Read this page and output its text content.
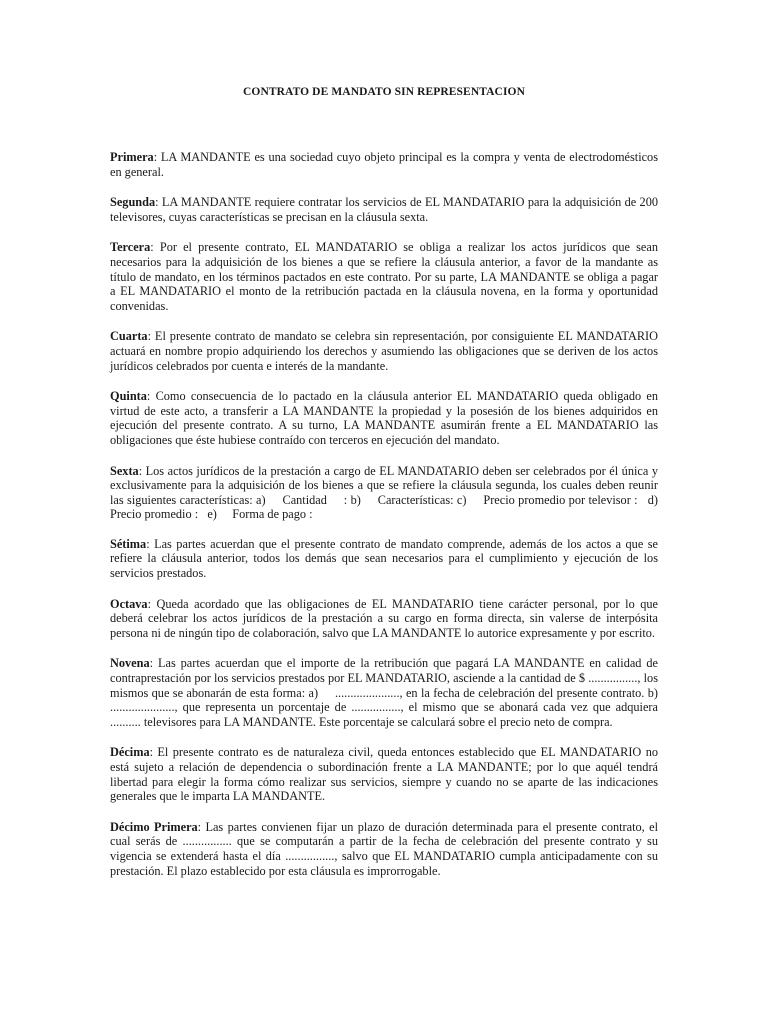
CONTRATO DE MANDATO SIN REPRESENTACION

Primera: LA MANDANTE es una sociedad cuyo objeto principal es la compra y venta de electrodomésticos en general.

Segunda: LA MANDANTE requiere contratar los servicios de EL MANDATARIO para la adquisición de 200 televisores, cuyas características se precisan en la cláusula sexta.

Tercera: Por el presente contrato, EL MANDATARIO se obliga a realizar los actos jurídicos que sean necesarios para la adquisición de los bienes a que se refiere la cláusula anterior, a favor de la mandante as título de mandato, en los términos pactados en este contrato. Por su parte, LA MANDANTE se obliga a pagar a EL MANDATARIO el monto de la retribución pactada en la cláusula novena, en la forma y oportunidad convenidas.

Cuarta: El presente contrato de mandato se celebra sin representación, por consiguiente EL MANDATARIO actuará en nombre propio adquiriendo los derechos y asumiendo las obligaciones que se deriven de los actos jurídicos celebrados por cuenta e interés de la mandante.

Quinta: Como consecuencia de lo pactado en la cláusula anterior EL MANDATARIO queda obligado en virtud de este acto, a transferir a LA MANDANTE la propiedad y la posesión de los bienes adquiridos en ejecución del presente contrato. A su turno, LA MANDANTE asumirán frente a EL MANDATARIO las obligaciones que éste hubiese contraído con terceros en ejecución del mandato.

Sexta: Los actos jurídicos de la prestación a cargo de EL MANDATARIO deben ser celebrados por él única y exclusivamente para la adquisición de los bienes a que se refiere la cláusula segunda, los cuales deben reunir las siguientes características: a)     Cantidad     : b)     Características: c)     Precio promedio por televisor :   d)     Precio promedio :   e)     Forma de pago :

Sétima: Las partes acuerdan que el presente contrato de mandato comprende, además de los actos a que se refiere la cláusula anterior, todos los demás que sean necesarios para el cumplimiento y ejecución de los servicios prestados.

Octava: Queda acordado que las obligaciones de EL MANDATARIO tiene carácter personal, por lo que deberá celebrar los actos jurídicos de la prestación a su cargo en forma directa, sin valerse de interpósita persona ni de ningún tipo de colaboración, salvo que LA MANDANTE lo autorice expresamente y por escrito.

Novena: Las partes acuerdan que el importe de la retribución que pagará LA MANDANTE en calidad de contraprestación por los servicios prestados por EL MANDATARIO, asciende a la cantidad de $ ................, los mismos que se abonarán de esta forma: a)     ....................., en la fecha de celebración del presente contrato. b)     ....................., que representa un porcentaje de ................, el mismo que se abonará cada vez que adquiera .......... televisores para LA MANDANTE. Este porcentaje se calculará sobre el precio neto de compra.

Décima: El presente contrato es de naturaleza civil, queda entonces establecido que EL MANDATARIO no está sujeto a relación de dependencia o subordinación frente a LA MANDANTE; por lo que aquél tendrá libertad para elegir la forma cómo realizar sus servicios, siempre y cuando no se aparte de las indicaciones generales que le imparta LA MANDANTE.

Décimo Primera: Las partes convienen fijar un plazo de duración determinada para el presente contrato, el cual serás de ................ que se computarán a partir de la fecha de celebración del presente contrato y su vigencia se extenderá hasta el día ................, salvo que EL MANDATARIO cumpla anticipadamente con su prestación. El plazo establecido por esta cláusula es improrrogable.
